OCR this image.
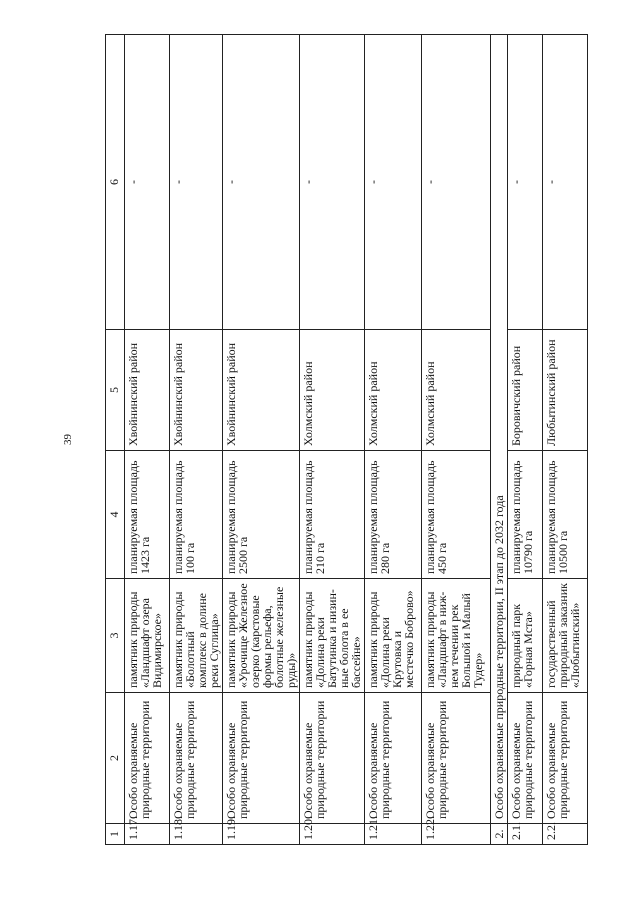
39
1	2	3	4	5	6
1.17.	Особо охраняемые природные территории	памятник природы «Ландшафт озера Видимирское»	планируемая площадь 1423 га	Хвойнинский район	-
1.18.	Особо охраняемые природные территории	памятник природы «Болотный комплекс в долине реки Суглица»	планируемая площадь 100 га	Хвойнинский район	-
1.19.	Особо охраняемые природные территории	памятник природы «Урочище Железное озерко (карстовые формы рельефа, болотные железные руды)»	планируемая площадь 2500 га	Хвойнинский район	-
1.20.	Особо охраняемые природные территории	памятник природы «Долина реки Батутинка и низин-ные болота в ее бассейне»	планируемая площадь 210 га	Холмский район	-
1.21.	Особо охраняемые природные территории	памятник природы «Долина реки Крутовка и местечко Боброво»	планируемая площадь 280 га	Холмский район	-
1.22.	Особо охраняемые природные территории	памятник природы «Ландшафт в ниж-нем течении рек Большой и Малый Тудер»	планируемая площадь 450 га	Холмский район	-
2.	Особо охраняемые природные территории, II этап до 2032 года				
2.1.	Особо охраняемые природные территории	природный парк «Горная Мста»	планируемая площадь 10790 га	Боровичский район	-
2.2.	Особо охраняемые природные территории	государственный природный заказник «Любытинский»	планируемая площадь 10500 га	Любытинский район	-
